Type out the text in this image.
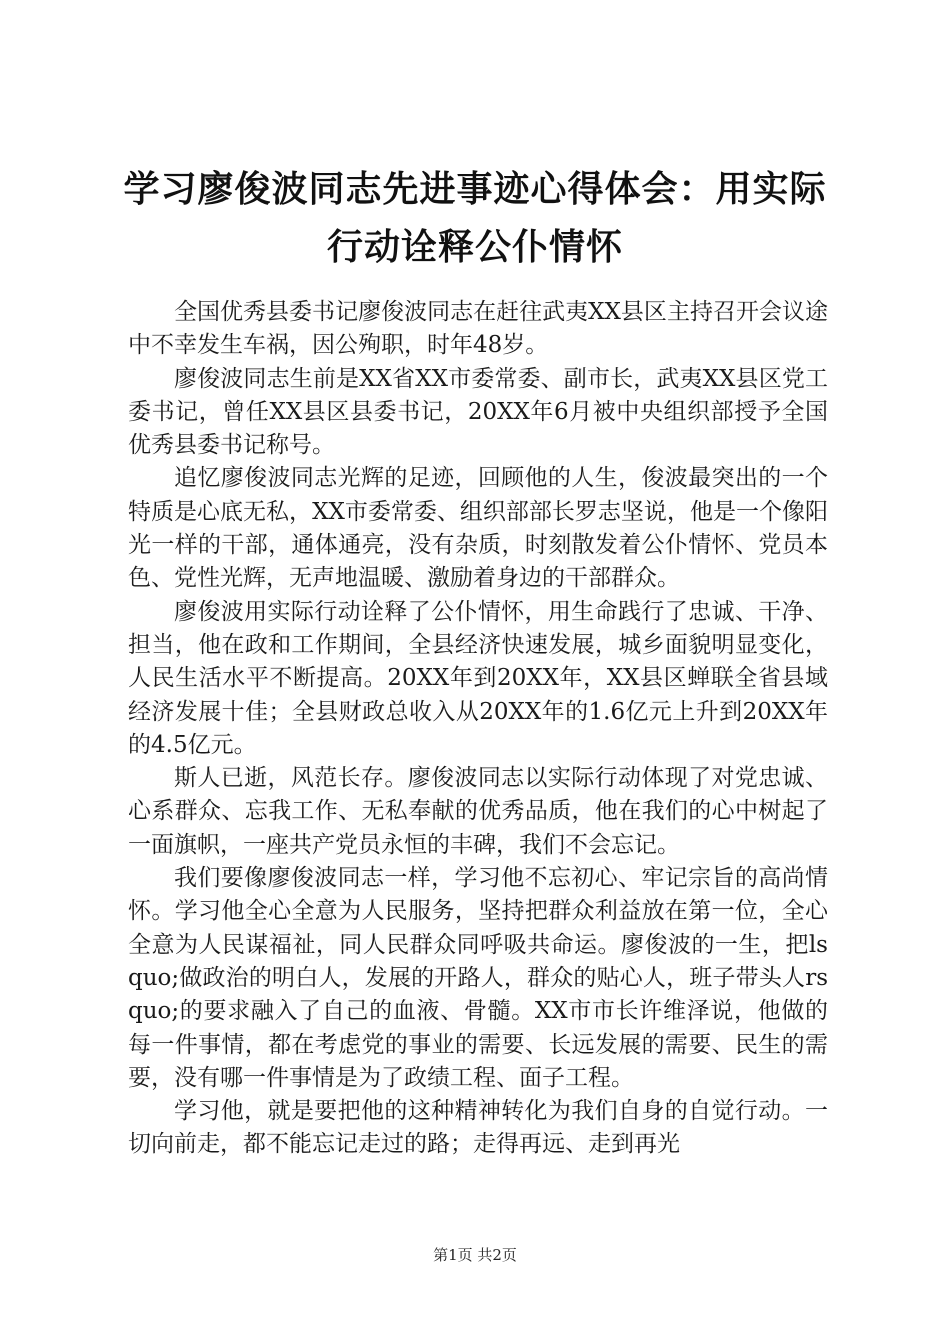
学习廖俊波同志先进事迹心得体会：用实际行动诠释公仆情怀

全国优秀县委书记廖俊波同志在赶往武夷XX县区主持召开会议途中不幸发生车祸，因公殉职，时年48岁。

廖俊波同志生前是XX省XX市委常委、副市长，武夷XX县区党工委书记，曾任XX县区县委书记，20XX年6月被中央组织部授予全国优秀县委书记称号。

追忆廖俊波同志光辉的足迹，回顾他的人生，俊波最突出的一个特质是心底无私，XX市委常委、组织部部长罗志坚说，他是一个像阳光一样的干部，通体通亮，没有杂质，时刻散发着公仆情怀、党员本色、党性光辉，无声地温暖、激励着身边的干部群众。

廖俊波用实际行动诠释了公仆情怀，用生命践行了忠诚、干净、担当，他在政和工作期间，全县经济快速发展，城乡面貌明显变化，人民生活水平不断提高。20XX年到20XX年，XX县区蝉联全省县域经济发展十佳；全县财政总收入从20XX年的1.6亿元上升到20XX年的4.5亿元。

斯人已逝，风范长存。廖俊波同志以实际行动体现了对党忠诚、心系群众、忘我工作、无私奉献的优秀品质，他在我们的心中树起了一面旗帜，一座共产党员永恒的丰碑，我们不会忘记。

我们要像廖俊波同志一样，学习他不忘初心、牢记宗旨的高尚情怀。学习他全心全意为人民服务，坚持把群众利益放在第一位，全心全意为人民谋福祉，同人民群众同呼吸共命运。廖俊波的一生，把lsquo;做政治的明白人，发展的开路人，群众的贴心人，班子带头人rsquo;的要求融入了自己的血液、骨髓。XX市市长许维泽说，他做的每一件事情，都在考虑党的事业的需要、长远发展的需要、民生的需要，没有哪一件事情是为了政绩工程、面子工程。

学习他，就是要把他的这种精神转化为我们自身的自觉行动。一切向前走，都不能忘记走过的路；走得再远、走到再光

第1页 共2页
